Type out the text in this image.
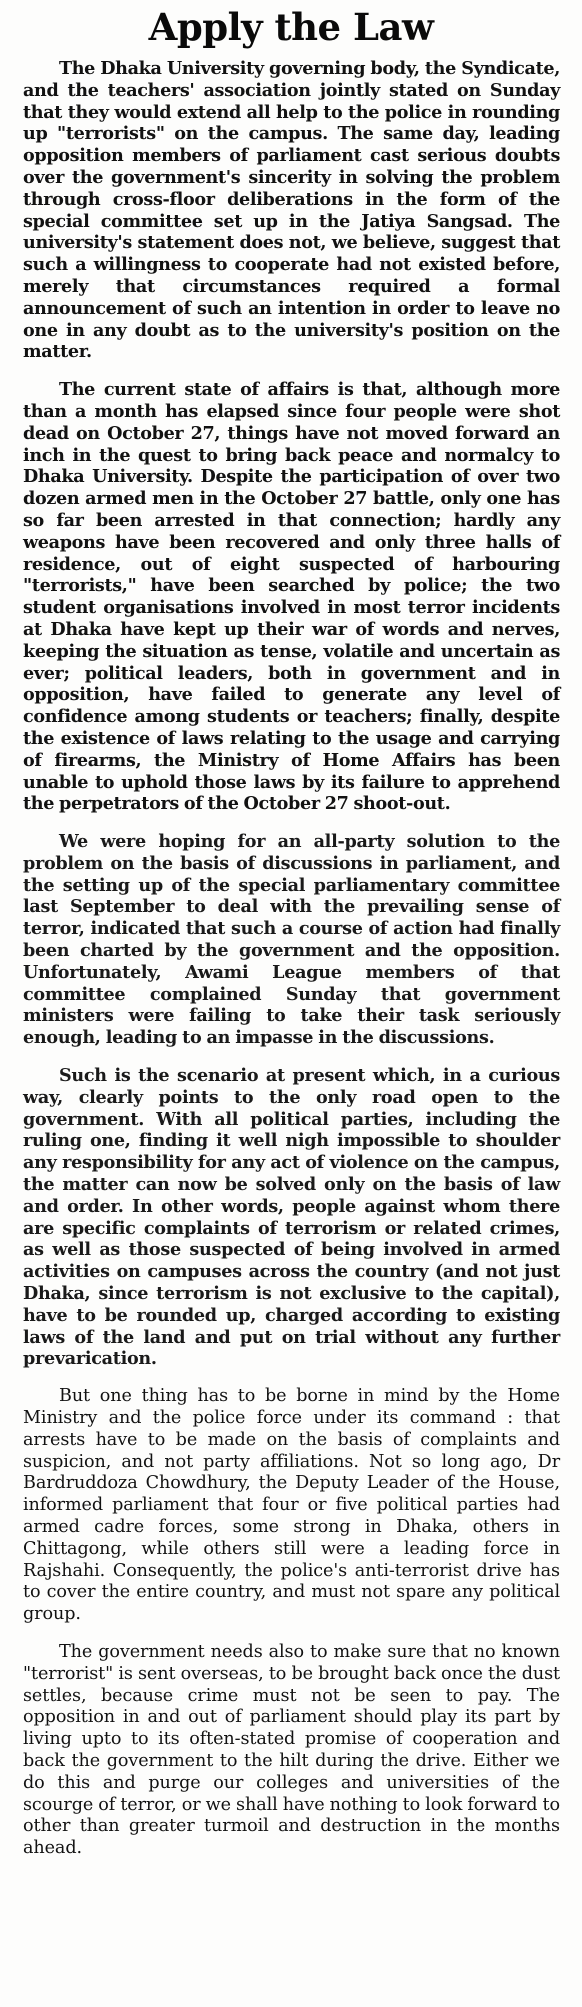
Apply the Law

The Dhaka University governing body, the Syndicate, and the teachers' association jointly stated on Sunday that they would extend all help to the police in rounding up "terrorists" on the campus. The same day, leading opposition members of parliament cast serious doubts over the government's sincerity in solving the problem through cross-floor deliberations in the form of the special committee set up in the Jatiya Sangsad. The university's statement does not, we believe, suggest that such a willingness to cooperate had not existed before, merely that circumstances required a formal announcement of such an intention in order to leave no one in any doubt as to the university's position on the matter.

The current state of affairs is that, although more than a month has elapsed since four people were shot dead on October 27, things have not moved forward an inch in the quest to bring back peace and normalcy to Dhaka University. Despite the participation of over two dozen armed men in the October 27 battle, only one has so far been arrested in that connection; hardly any weapons have been recovered and only three halls of residence, out of eight suspected of harbouring "terrorists," have been searched by police; the two student organisations involved in most terror incidents at Dhaka have kept up their war of words and nerves, keeping the situation as tense, volatile and uncertain as ever; political leaders, both in government and in opposition, have failed to generate any level of confidence among students or teachers; finally, despite the existence of laws relating to the usage and carrying of firearms, the Ministry of Home Affairs has been unable to uphold those laws by its failure to apprehend the perpetrators of the October 27 shoot-out.

We were hoping for an all-party solution to the problem on the basis of discussions in parliament, and the setting up of the special parliamentary committee last September to deal with the prevailing sense of terror, indicated that such a course of action had finally been charted by the government and the opposition. Unfortunately, Awami League members of that committee complained Sunday that government ministers were failing to take their task seriously enough, leading to an impasse in the discussions.

Such is the scenario at present which, in a curious way, clearly points to the only road open to the government. With all political parties, including the ruling one, finding it well nigh impossible to shoulder any responsibility for any act of violence on the campus, the matter can now be solved only on the basis of law and order. In other words, people against whom there are specific complaints of terrorism or related crimes, as well as those suspected of being involved in armed activities on campuses across the country (and not just Dhaka, since terrorism is not exclusive to the capital), have to be rounded up, charged according to existing laws of the land and put on trial without any further prevarication.

But one thing has to be borne in mind by the Home Ministry and the police force under its command : that arrests have to be made on the basis of complaints and suspicion, and not party affiliations. Not so long ago, Dr Bardruddoza Chowdhury, the Deputy Leader of the House, informed parliament that four or five political parties had armed cadre forces, some strong in Dhaka, others in Chittagong, while others still were a leading force in Rajshahi. Consequently, the police's anti-terrorist drive has to cover the entire country, and must not spare any political group.

The government needs also to make sure that no known "terrorist" is sent overseas, to be brought back once the dust settles, because crime must not be seen to pay. The opposition in and out of parliament should play its part by living upto to its often-stated promise of cooperation and back the government to the hilt during the drive. Either we do this and purge our colleges and universities of the scourge of terror, or we shall have nothing to look forward to other than greater turmoil and destruction in the months ahead.
